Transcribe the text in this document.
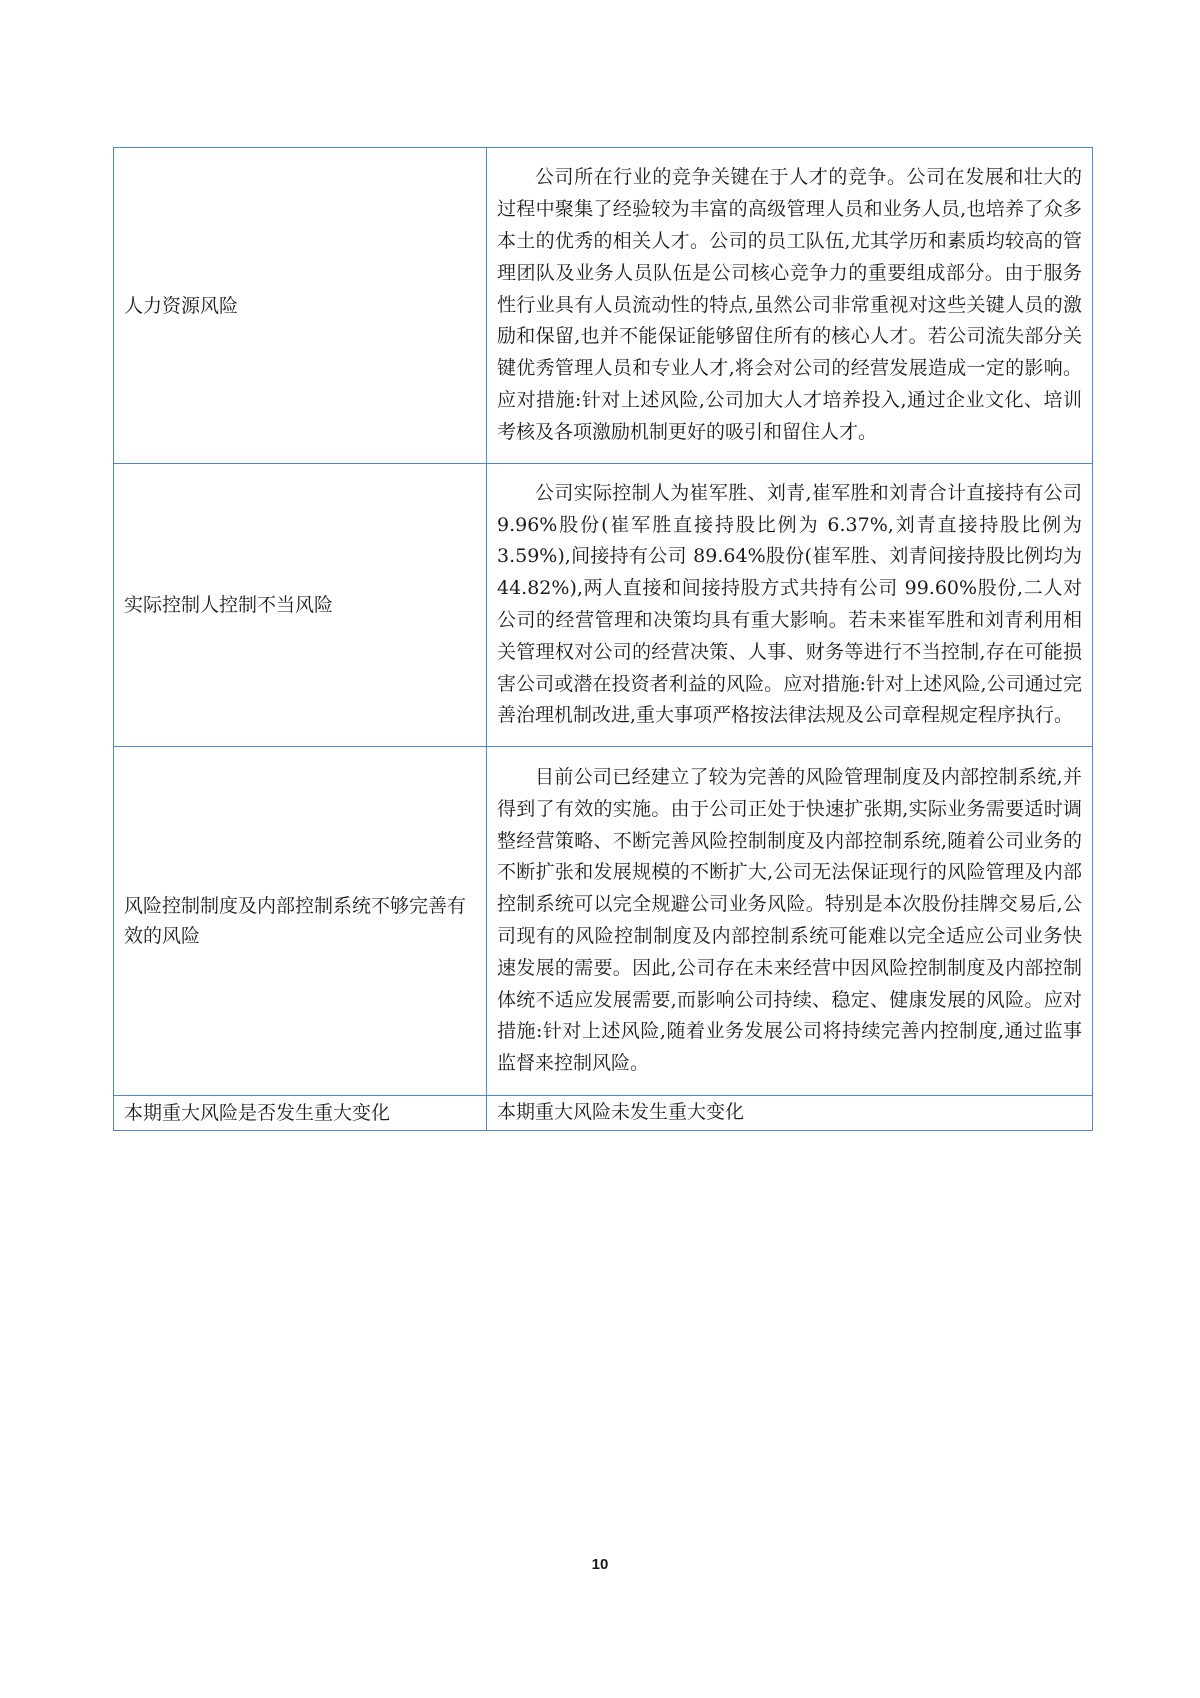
人力资源风险	公司所在行业的竞争关键在于人才的竞争。公司在发展和壮大的过程中聚集了经验较为丰富的高级管理人员和业务人员,也培养了众多本土的优秀的相关人才。公司的员工队伍,尤其学历和素质均较高的管理团队及业务人员队伍是公司核心竞争力的重要组成部分。由于服务性行业具有人员流动性的特点,虽然公司非常重视对这些关键人员的激励和保留,也并不能保证能够留住所有的核心人才。若公司流失部分关键优秀管理人员和专业人才,将会对公司的经营发展造成一定的影响。应对措施:针对上述风险,公司加大人才培养投入,通过企业文化、培训考核及各项激励机制更好的吸引和留住人才。
实际控制人控制不当风险	公司实际控制人为崔军胜、刘青,崔军胜和刘青合计直接持有公司 9.96%股份(崔军胜直接持股比例为 6.37%,刘青直接持股比例为 3.59%),间接持有公司 89.64%股份(崔军胜、刘青间接持股比例均为 44.82%),两人直接和间接持股方式共持有公司 99.60%股份,二人对公司的经营管理和决策均具有重大影响。若未来崔军胜和刘青利用相关管理权对公司的经营决策、人事、财务等进行不当控制,存在可能损害公司或潜在投资者利益的风险。应对措施:针对上述风险,公司通过完善治理机制改进,重大事项严格按法律法规及公司章程规定程序执行。
风险控制制度及内部控制系统不够完善有效的风险	目前公司已经建立了较为完善的风险管理制度及内部控制系统,并得到了有效的实施。由于公司正处于快速扩张期,实际业务需要适时调整经营策略、不断完善风险控制制度及内部控制系统,随着公司业务的不断扩张和发展规模的不断扩大,公司无法保证现行的风险管理及内部控制系统可以完全规避公司业务风险。特别是本次股份挂牌交易后,公司现有的风险控制制度及内部控制系统可能难以完全适应公司业务快速发展的需要。因此,公司存在未来经营中因风险控制制度及内部控制体统不适应发展需要,而影响公司持续、稳定、健康发展的风险。应对措施:针对上述风险,随着业务发展公司将持续完善内控制度,通过监事监督来控制风险。
本期重大风险是否发生重大变化	本期重大风险未发生重大变化
10
